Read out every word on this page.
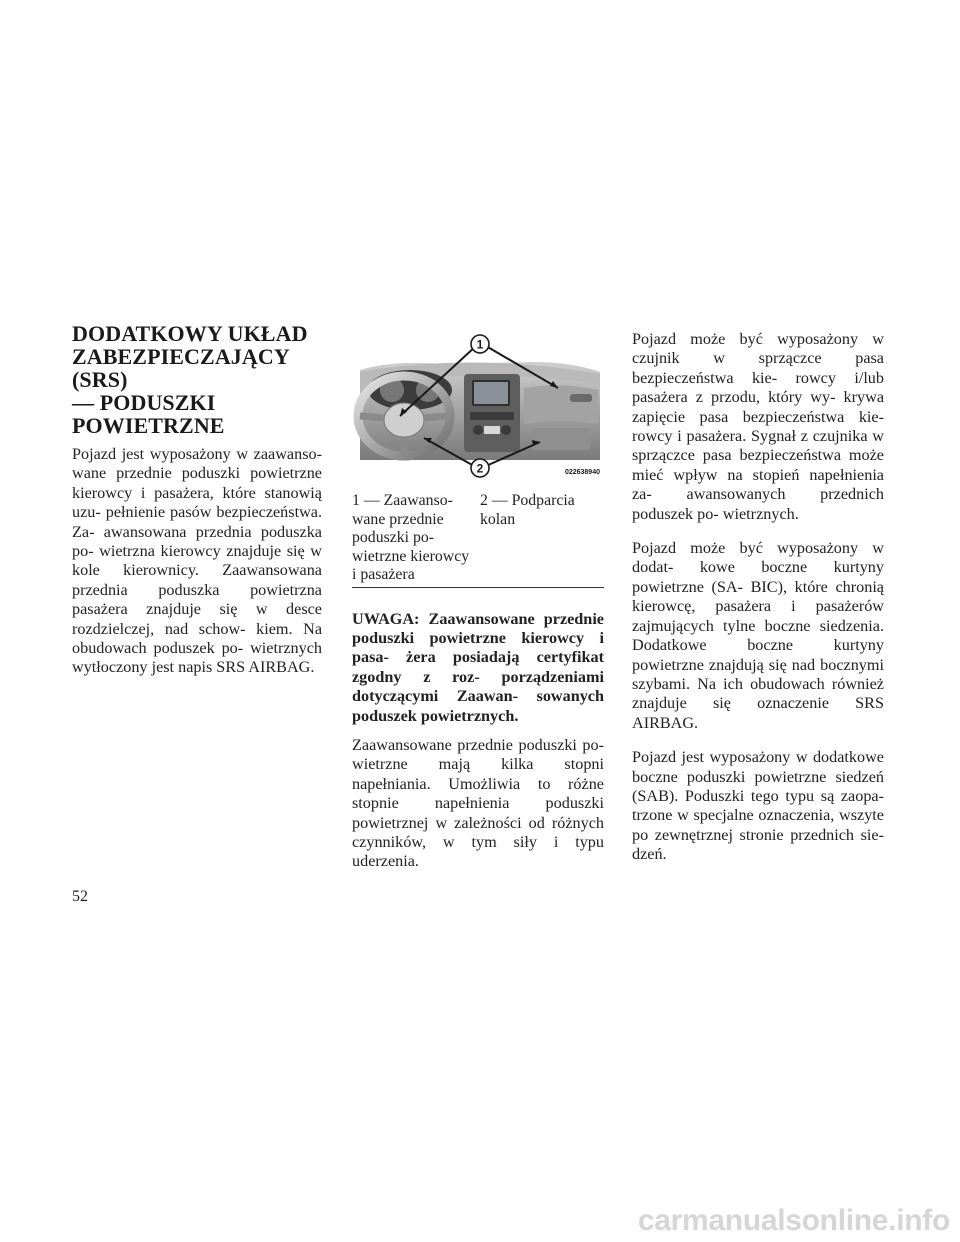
DODATKOWY UKŁAD
ZABEZPIECZAJĄCY (SRS)
— PODUSZKI
POWIETRZNE

Pojazd jest wyposażony w zaawanso- wane przednie poduszki powietrzne kierowcy i pasażera, które stanowią uzu- pełnienie pasów bezpieczeństwa. Za- awansowana przednia poduszka po- wietrzna kierowcy znajduje się w kole kierownicy. Zaawansowana przednia poduszka powietrzna pasażera znajduje się w desce rozdzielczej, nad schow- kiem. Na obudowach poduszek po- wietrznych wytłoczony jest napis SRS AIRBAG.

1
2	022638940
1 — Zaawanso- wane przednie poduszki po- wietrzne kierowcy i pasażera
2 — Podparcia kolan
UWAGA: Zaawansowane przednie poduszki powietrzne kierowcy i pasa- żera posiadają certyfikat zgodny z roz- porządzeniami dotyczącymi Zaawan- sowanych poduszek powietrznych.

Zaawansowane przednie poduszki po- wietrzne mają kilka stopni napełniania. Umożliwia to różne stopnie napełnienia poduszki powietrznej w zależności od różnych czynników, w tym siły i typu uderzenia.

Pojazd może być wyposażony w czujnik w sprzączce pasa bezpieczeństwa kie- rowcy i/lub pasażera z przodu, który wy- krywa zapięcie pasa bezpieczeństwa kie- rowcy i pasażera. Sygnał z czujnika w sprzączce pasa bezpieczeństwa może mieć wpływ na stopień napełnienia za- awansowanych przednich poduszek po- wietrznych.

Pojazd może być wyposażony w dodat- kowe boczne kurtyny powietrzne (SA- BIC), które chronią kierowcę, pasażera i pasażerów zajmujących tylne boczne siedzenia. Dodatkowe boczne kurtyny powietrzne znajdują się nad bocznymi szybami. Na ich obudowach również znajduje się oznaczenie SRS AIRBAG.

Pojazd jest wyposażony w dodatkowe boczne poduszki powietrzne siedzeń (SAB). Poduszki tego typu są zaopa- trzone w specjalne oznaczenia, wszyte po zewnętrznej stronie przednich sie- dzeń.

52
carmanualsonline.info
